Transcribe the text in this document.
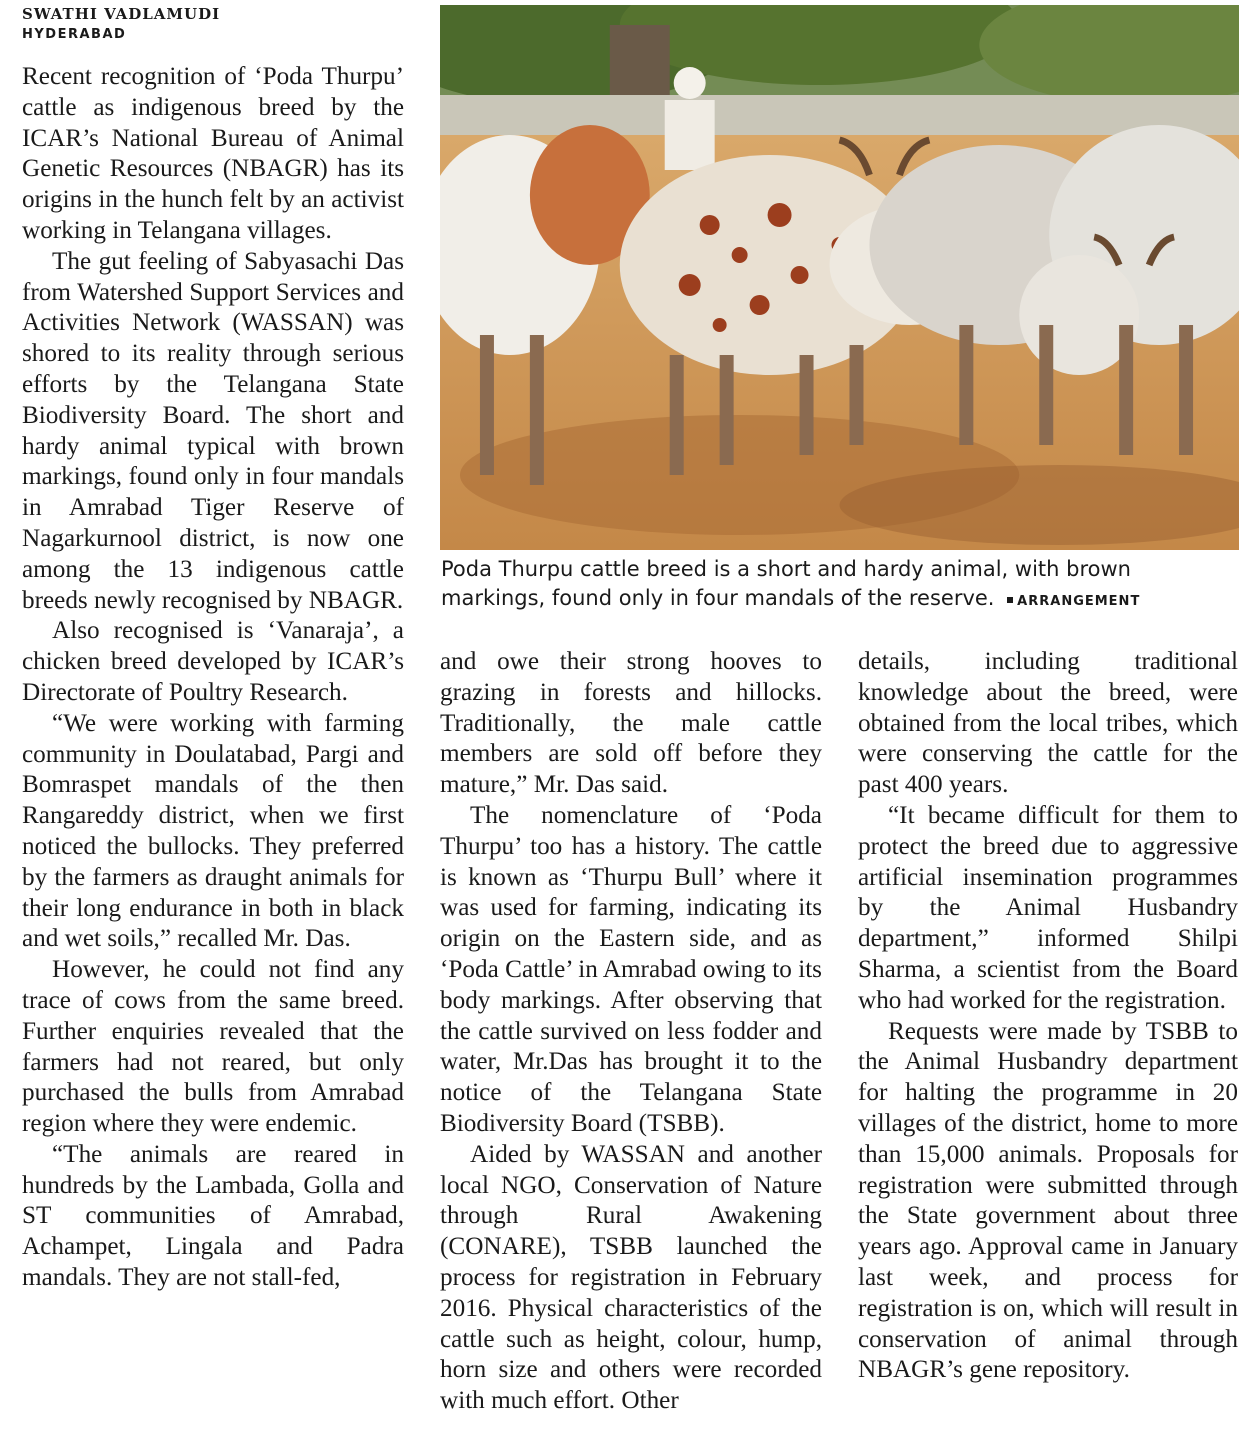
SWATHI VADLAMUDI
HYDERABAD
Poda Thurpu cattle breed is a short and hardy animal, with brown markings, found only in four mandals of the reserve. ARRANGEMENT

Recent recognition of ‘Poda Thurpu’ cattle as indigenous breed by the ICAR’s National Bureau of Animal Genetic Resources (NBAGR) has its origins in the hunch felt by an activist working in Telangana villages.

The gut feeling of Sabyasachi Das from Watershed Support Services and Activities Network (WASSAN) was shored to its reality through serious efforts by the Telangana State Biodiversity Board. The short and hardy animal typical with brown markings, found only in four mandals in Amrabad Tiger Reserve of Nagarkurnool district, is now one among the 13 indigenous cattle breeds newly recognised by NBAGR.

Also recognised is ‘Vanaraja’, a chicken breed developed by ICAR’s Directorate of Poultry Research.

“We were working with farming community in Doulatabad, Pargi and Bomraspet mandals of the then Rangareddy district, when we first noticed the bullocks. They preferred by the farmers as draught animals for their long endurance in both in black and wet soils,” recalled Mr. Das.

However, he could not find any trace of cows from the same breed. Further enquiries revealed that the farmers had not reared, but only purchased the bulls from Amrabad region where they were endemic.

“The animals are reared in hundreds by the Lambada, Golla and ST communities of Amrabad, Achampet, Lingala and Padra mandals. They are not stall-fed,

and owe their strong hooves to grazing in forests and hillocks. Traditionally, the male cattle members are sold off before they mature,” Mr. Das said.

The nomenclature of ‘Poda Thurpu’ too has a history. The cattle is known as ‘Thurpu Bull’ where it was used for farming, indicating its origin on the Eastern side, and as ‘Poda Cattle’ in Amrabad owing to its body markings. After observing that the cattle survived on less fodder and water, Mr.Das has brought it to the notice of the Telangana State Biodiversity Board (TSBB).

Aided by WASSAN and another local NGO, Conservation of Nature through Rural Awakening (CONARE), TSBB launched the process for registration in February 2016. Physical characteristics of the cattle such as height, colour, hump, horn size and others were recorded with much effort. Other

details, including traditional knowledge about the breed, were obtained from the local tribes, which were conserving the cattle for the past 400 years.

“It became difficult for them to protect the breed due to aggressive artificial insemination programmes by the Animal Husbandry department,” informed Shilpi Sharma, a scientist from the Board who had worked for the registration.

Requests were made by TSBB to the Animal Husbandry department for halting the programme in 20 villages of the district, home to more than 15,000 animals. Proposals for registration were submitted through the State government about three years ago. Approval came in January last week, and process for registration is on, which will result in conservation of animal through NBAGR’s gene repository.
